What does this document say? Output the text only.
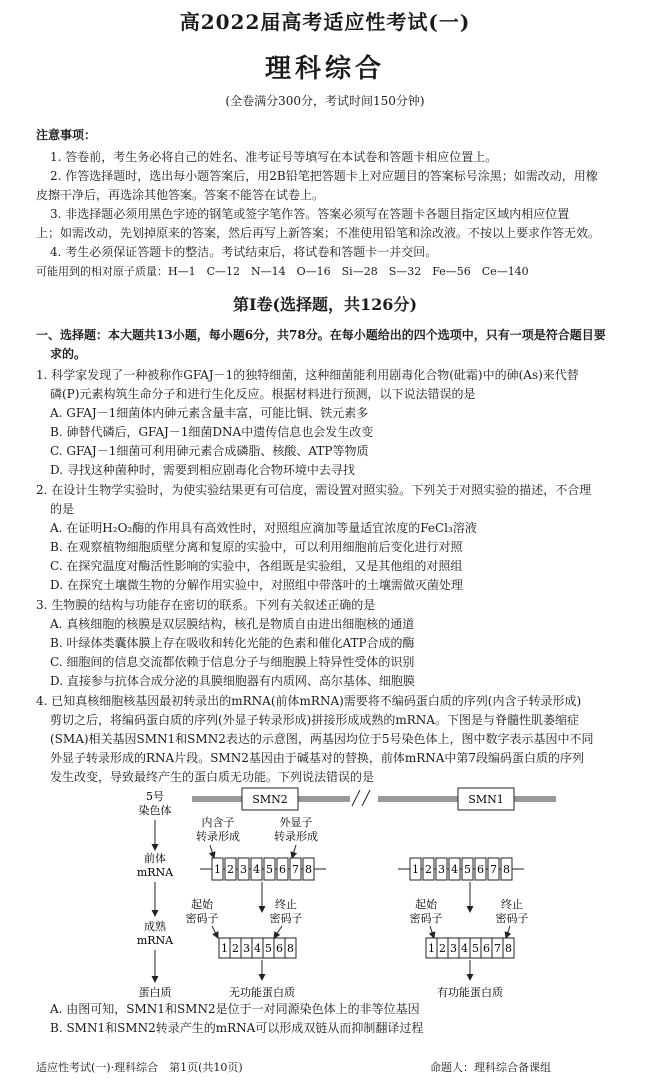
高2022届高考适应性考试(一)
理科综合
(全卷满分300分，考试时间150分钟)
注意事项：
1. 答卷前，考生务必将自己的姓名、准考证号等填写在本试卷和答题卡相应位置上。
2. 作答选择题时，选出每小题答案后，用2B铅笔把答题卡上对应题目的答案标号涂黑；如需改动，用橡
皮擦干净后，再选涂其他答案。答案不能答在试卷上。
3. 非选择题必须用黑色字迹的钢笔或签字笔作答。答案必须写在答题卡各题目指定区域内相应位置
上；如需改动，先划掉原来的答案，然后再写上新答案；不准使用铅笔和涂改液。不按以上要求作答无效。
4. 考生必须保证答题卡的整洁。考试结束后，将试卷和答题卡一并交回。
可能用到的相对原子质量：H—1　C—12　N—14　O—16　Si—28　S—32　Fe—56　Ce—140
第Ⅰ卷(选择题，共126分)
一、选择题：本大题共13小题，每小题6分，共78分。在每小题给出的四个选项中，只有一项是符合题目要
求的。
1. 科学家发现了一种被称作GFAJ－1的独特细菌，这种细菌能利用剧毒化合物(砒霜)中的砷(As)来代替
磷(P)元素构筑生命分子和进行生化反应。根据材料进行预测，以下说法错误的是
A. GFAJ－1细菌体内砷元素含量丰富，可能比铜、铁元素多
B. 砷替代磷后，GFAJ－1细菌DNA中遗传信息也会发生改变
C. GFAJ－1细菌可利用砷元素合成磷脂、核酸、ATP等物质
D. 寻找这种菌种时，需要到相应剧毒化合物环境中去寻找
2. 在设计生物学实验时，为使实验结果更有可信度，需设置对照实验。下列关于对照实验的描述，不合理
的是
A. 在证明H₂O₂酶的作用具有高效性时，对照组应滴加等量适宜浓度的FeCl₃溶液
B. 在观察植物细胞质壁分离和复原的实验中，可以利用细胞前后变化进行对照
C. 在探究温度对酶活性影响的实验中，各组既是实验组，又是其他组的对照组
D. 在探究土壤微生物的分解作用实验中，对照组中带落叶的土壤需做灭菌处理
3. 生物膜的结构与功能存在密切的联系。下列有关叙述正确的是
A. 真核细胞的核膜是双层膜结构，核孔是物质自由进出细胞核的通道
B. 叶绿体类囊体膜上存在吸收和转化光能的色素和催化ATP合成的酶
C. 细胞间的信息交流都依赖于信息分子与细胞膜上特异性受体的识别
D. 直接参与抗体合成分泌的具膜细胞器有内质网、高尔基体、细胞膜
4. 已知真核细胞核基因最初转录出的mRNA(前体mRNA)需要将不编码蛋白质的序列(内含子转录形成)
剪切之后，将编码蛋白质的序列(外显子转录形成)拼接形成成熟的mRNA。下图是与脊髓性肌萎缩症
(SMA)相关基因SMN1和SMN2表达的示意图，两基因均位于5号染色体上，图中数字表示基因中不同
外显子转录形成的RNA片段。SMN2基因由于碱基对的替换，前体mRNA中第7段编码蛋白质的序列
发生改变，导致最终产生的蛋白质无功能。下列说法错误的是
5号
染色体
前体
mRNA
成熟
mRNA
蛋白质
SMN2	SMN1
内含子
转录形成
外显子
转录形成
1 2 3 4 5 6 7 8	1 2 3 4 5 6 7 8
起始
密码子
终止
密码子
起始
密码子
终止
密码子
1 2 3 4 5 6 8	1 2 3 4 5 6 7 8
无功能蛋白质	有功能蛋白质
A. 由图可知，SMN1和SMN2是位于一对同源染色体上的非等位基因
B. SMN1和SMN2转录产生的mRNA可以形成双链从而抑制翻译过程
适应性考试(一)·理科综合　第1页(共10页)	命题人：理科综合备课组
